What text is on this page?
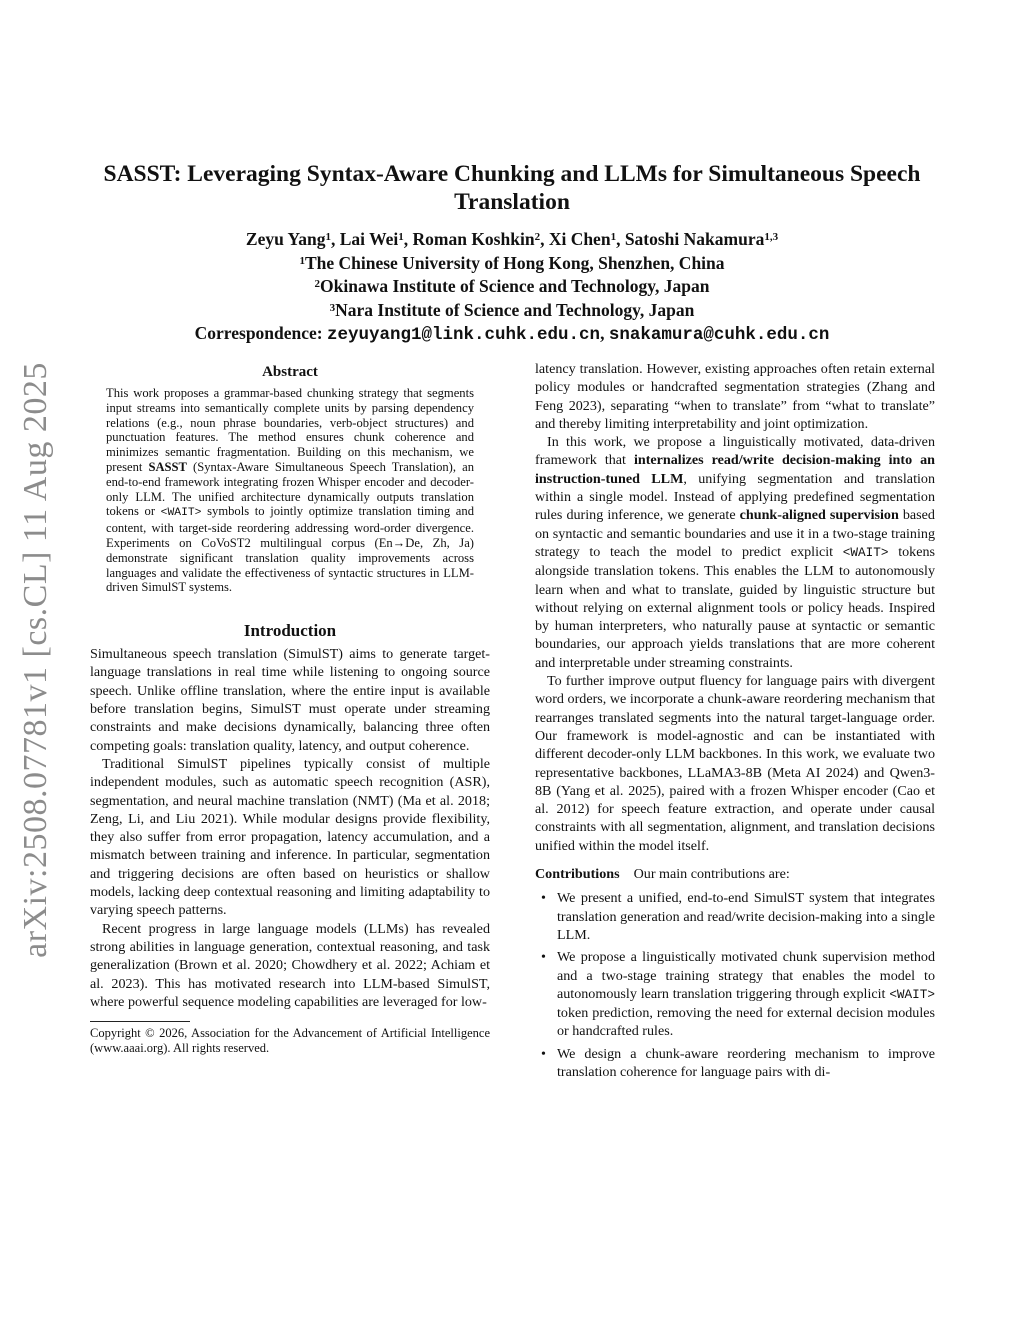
arXiv:2508.07781v1 [cs.CL] 11 Aug 2025
SASST: Leveraging Syntax-Aware Chunking and LLMs for Simultaneous Speech Translation
Zeyu Yang$^1$, Lai Wei$^1$, Roman Koshkin$^2$, Xi Chen$^1$, Satoshi Nakamura$^{1,3}$
$^1$The Chinese University of Hong Kong, Shenzhen, China
$^2$Okinawa Institute of Science and Technology, Japan
$^3$Nara Institute of Science and Technology, Japan
Correspondence: zeyuyang1@link.cuhk.edu.cn, snakamura@cuhk.edu.cn
Abstract

This work proposes a grammar-based chunking strategy that segments input streams into semantically complete units by parsing dependency relations (e.g., noun phrase boundaries, verb-object structures) and punctuation features. The method ensures chunk coherence and minimizes semantic fragmentation. Building on this mechanism, we present SASST (Syntax-Aware Simultaneous Speech Translation), an end-to-end framework integrating frozen Whisper encoder and decoder-only LLM. The unified architecture dynamically outputs translation tokens or <WAIT> symbols to jointly optimize translation timing and content, with target-side reordering addressing word-order divergence. Experiments on CoVoST2 multilingual corpus (En→De, Zh, Ja) demonstrate significant translation quality improvements across languages and validate the effectiveness of syntactic structures in LLM-driven SimulST systems.

Introduction

Simultaneous speech translation (SimulST) aims to generate target-language translations in real time while listening to ongoing source speech. Unlike offline translation, where the entire input is available before translation begins, SimulST must operate under streaming constraints and make decisions dynamically, balancing three often competing goals: translation quality, latency, and output coherence.

Traditional SimulST pipelines typically consist of multiple independent modules, such as automatic speech recognition (ASR), segmentation, and neural machine translation (NMT) (Ma et al. 2018; Zeng, Li, and Liu 2021). While modular designs provide flexibility, they also suffer from error propagation, latency accumulation, and a mismatch between training and inference. In particular, segmentation and triggering decisions are often based on heuristics or shallow models, lacking deep contextual reasoning and limiting adaptability to varying speech patterns.

Recent progress in large language models (LLMs) has revealed strong abilities in language generation, contextual reasoning, and task generalization (Brown et al. 2020; Chowdhery et al. 2022; Achiam et al. 2023). This has motivated research into LLM-based SimulST, where powerful sequence modeling capabilities are leveraged for low-

Copyright © 2026, Association for the Advancement of Artificial Intelligence (www.aaai.org). All rights reserved.

latency translation. However, existing approaches often retain external policy modules or handcrafted segmentation strategies (Zhang and Feng 2023), separating “when to translate” from “what to translate” and thereby limiting interpretability and joint optimization.

In this work, we propose a linguistically motivated, data-driven framework that internalizes read/write decision-making into an instruction-tuned LLM, unifying segmentation and translation within a single model. Instead of applying predefined segmentation rules during inference, we generate chunk-aligned supervision based on syntactic and semantic boundaries and use it in a two-stage training strategy to teach the model to predict explicit <WAIT> tokens alongside translation tokens. This enables the LLM to autonomously learn when and what to translate, guided by linguistic structure but without relying on external alignment tools or policy heads. Inspired by human interpreters, who naturally pause at syntactic or semantic boundaries, our approach yields translations that are more coherent and interpretable under streaming constraints.

To further improve output fluency for language pairs with divergent word orders, we incorporate a chunk-aware reordering mechanism that rearranges translated segments into the natural target-language order. Our framework is model-agnostic and can be instantiated with different decoder-only LLM backbones. In this work, we evaluate two representative backbones, LLaMA3-8B (Meta AI 2024) and Qwen3-8B (Yang et al. 2025), paired with a frozen Whisper encoder (Cao et al. 2012) for speech feature extraction, and operate under causal constraints with all segmentation, alignment, and translation decisions unified within the model itself.

Contributions Our main contributions are:
• We present a unified, end-to-end SimulST system that integrates translation generation and read/write decision-making into a single LLM.
• We propose a linguistically motivated chunk supervision method and a two-stage training strategy that enables the model to autonomously learn translation triggering through explicit <WAIT> token prediction, removing the need for external decision modules or handcrafted rules.
• We design a chunk-aware reordering mechanism to improve translation coherence for language pairs with di-
